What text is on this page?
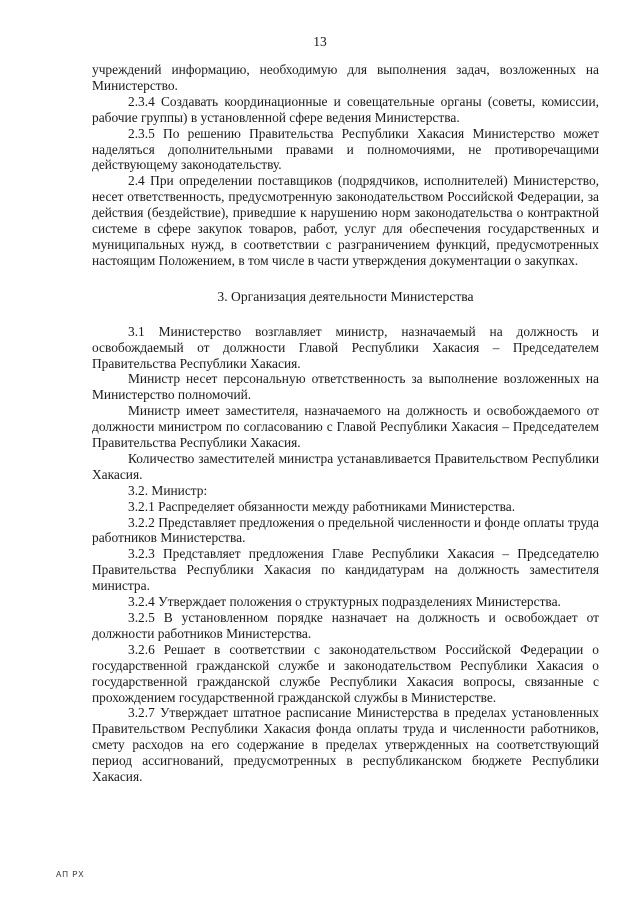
13

учреждений информацию, необходимую для выполнения задач, возложенных на Министерство.

2.3.4 Создавать координационные и совещательные органы (советы, комиссии, рабочие группы) в установленной сфере ведения Министерства.

2.3.5 По решению Правительства Республики Хакасия Министерство может наделяться дополнительными правами и полномочиями, не противоречащими действующему законодательству.

2.4 При определении поставщиков (подрядчиков, исполнителей) Министерство, несет ответственность, предусмотренную законодательством Российской Федерации, за действия (бездействие), приведшие к нарушению норм законодательства о контрактной системе в сфере закупок товаров, работ, услуг для обеспечения государственных и муниципальных нужд, в соответствии с разграничением функций, предусмотренных настоящим Положением, в том числе в части утверждения документации о закупках.

3. Организация деятельности Министерства

3.1 Министерство возглавляет министр, назначаемый на должность и освобождаемый от должности Главой Республики Хакасия – Председателем Правительства Республики Хакасия.

Министр несет персональную ответственность за выполнение возложенных на Министерство полномочий.

Министр имеет заместителя, назначаемого на должность и освобождаемого от должности министром по согласованию с Главой Республики Хакасия – Председателем Правительства Республики Хакасия.

Количество заместителей министра устанавливается Правительством Республики Хакасия.

3.2. Министр:

3.2.1 Распределяет обязанности между работниками Министерства.

3.2.2 Представляет предложения о предельной численности и фонде оплаты труда работников Министерства.

3.2.3 Представляет предложения Главе Республики Хакасия – Председателю Правительства Республики Хакасия по кандидатурам на должность заместителя министра.

3.2.4 Утверждает положения о структурных подразделениях Министерства.

3.2.5 В установленном порядке назначает на должность и освобождает от должности работников Министерства.

3.2.6 Решает в соответствии с законодательством Российской Федерации о государственной гражданской службе и законодательством Республики Хакасия о государственной гражданской службе Республики Хакасия вопросы, связанные с прохождением государственной гражданской службы в Министерстве.

3.2.7 Утверждает штатное расписание Министерства в пределах установленных Правительством Республики Хакасия фонда оплаты труда и численности работников, смету расходов на его содержание в пределах утвержденных на соответствующий период ассигнований, предусмотренных в республиканском бюджете Республики Хакасия.

АП РХ
